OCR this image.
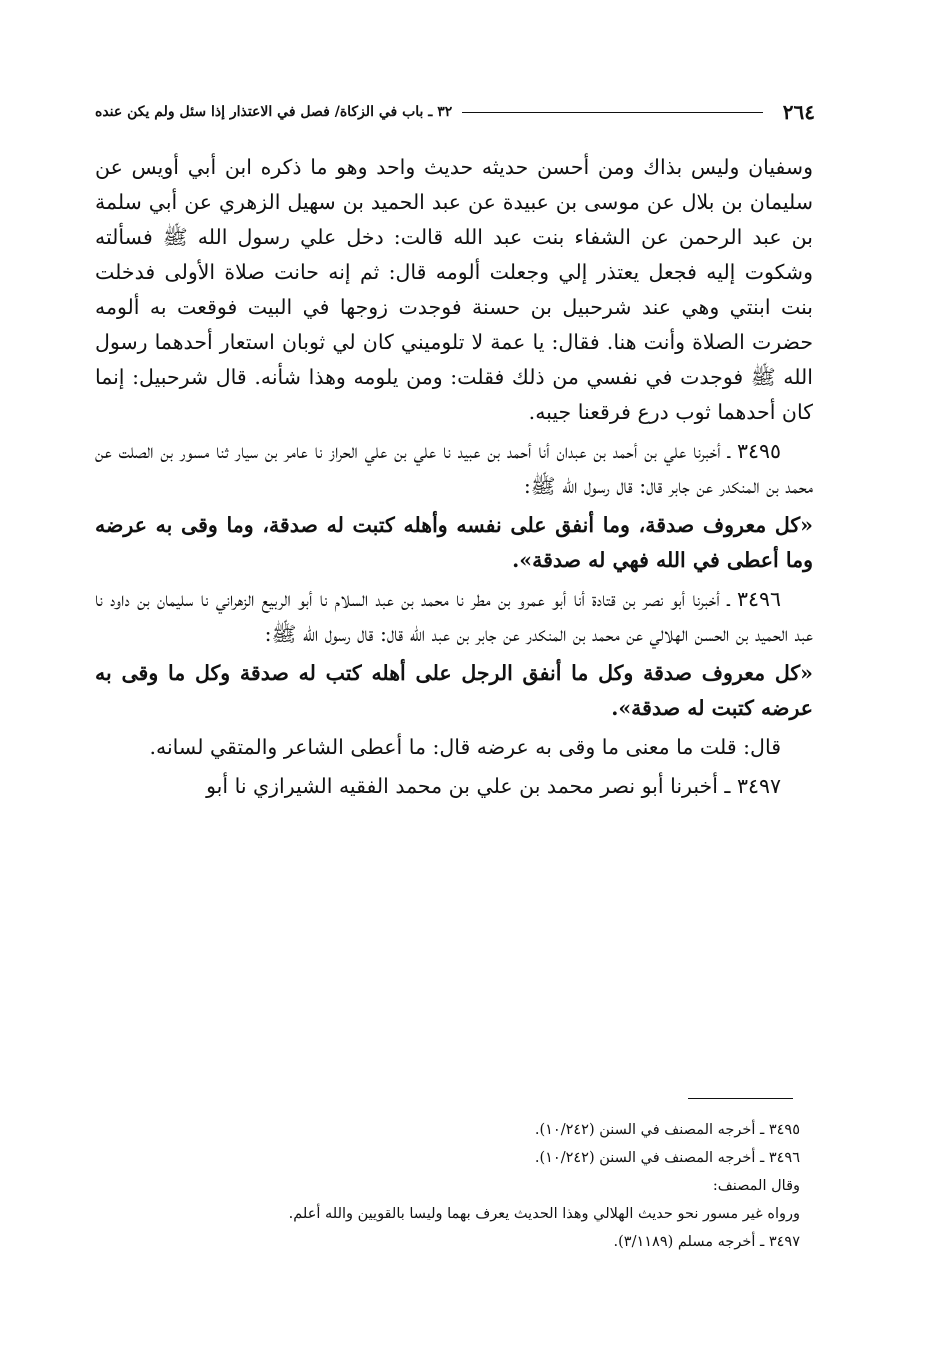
٢٦٤
٣٢ ـ باب في الزكاة/ فصل في الاعتذار إذا سئل ولم يكن عنده

وسفيان وليس بذاك ومن أحسن حديثه حديث واحد وهو ما ذكره ابن أبي أويس عن سليمان بن بلال عن موسى بن عبيدة عن عبد الحميد بن سهيل الزهري عن أبي سلمة بن عبد الرحمن عن الشفاء بنت عبد الله قالت: دخل علي رسول الله ﷺ فسألته وشكوت إليه فجعل يعتذر إلي وجعلت ألومه قال: ثم إنه حانت صلاة الأولى فدخلت بنت ابنتي وهي عند شرحبيل بن حسنة فوجدت زوجها في البيت فوقعت به ألومه حضرت الصلاة وأنت هنا. فقال: يا عمة لا تلوميني كان لي ثوبان استعار أحدهما رسول الله ﷺ فوجدت في نفسي من ذلك فقلت: ومن يلومه وهذا شأنه. قال شرحبيل: إنما كان أحدهما ثوب درع فرقعنا جيبه.

٣٤٩٥ ـ أخبرنا علي بن أحمد بن عبدان أنا أحمد بن عبيد نا علي بن علي الحراز نا عامر بن سيار ثنا مسور بن الصلت عن محمد بن المنكدر عن جابر قال: قال رسول الله ﷺ:

«كل معروف صدقة، وما أنفق على نفسه وأهله كتبت له صدقة، وما وقى به عرضه وما أعطى في الله فهي له صدقة».

٣٤٩٦ ـ أخبرنا أبو نصر بن قتادة أنا أبو عمرو بن مطر نا محمد بن عبد السلام نا أبو الربيع الزهراني نا سليمان بن داود نا عبد الحميد بن الحسن الهلالي عن محمد بن المنكدر عن جابر بن عبد الله قال: قال رسول الله ﷺ:

«كل معروف صدقة وكل ما أنفق الرجل على أهله كتب له صدقة وكل ما وقى به عرضه كتبت له صدقة».

قال: قلت ما معنى ما وقى به عرضه قال: ما أعطى الشاعر والمتقي لسانه.

٣٤٩٧ ـ أخبرنا أبو نصر محمد بن علي بن محمد الفقيه الشيرازي نا أبو

٣٤٩٥ ـ أخرجه المصنف في السنن (١٠/٢٤٢).

٣٤٩٦ ـ أخرجه المصنف في السنن (١٠/٢٤٢).

وقال المصنف:

ورواه غير مسور نحو حديث الهلالي وهذا الحديث يعرف بهما وليسا بالقويين والله أعلم.

٣٤٩٧ ـ أخرجه مسلم (٣/١١٨٩).
